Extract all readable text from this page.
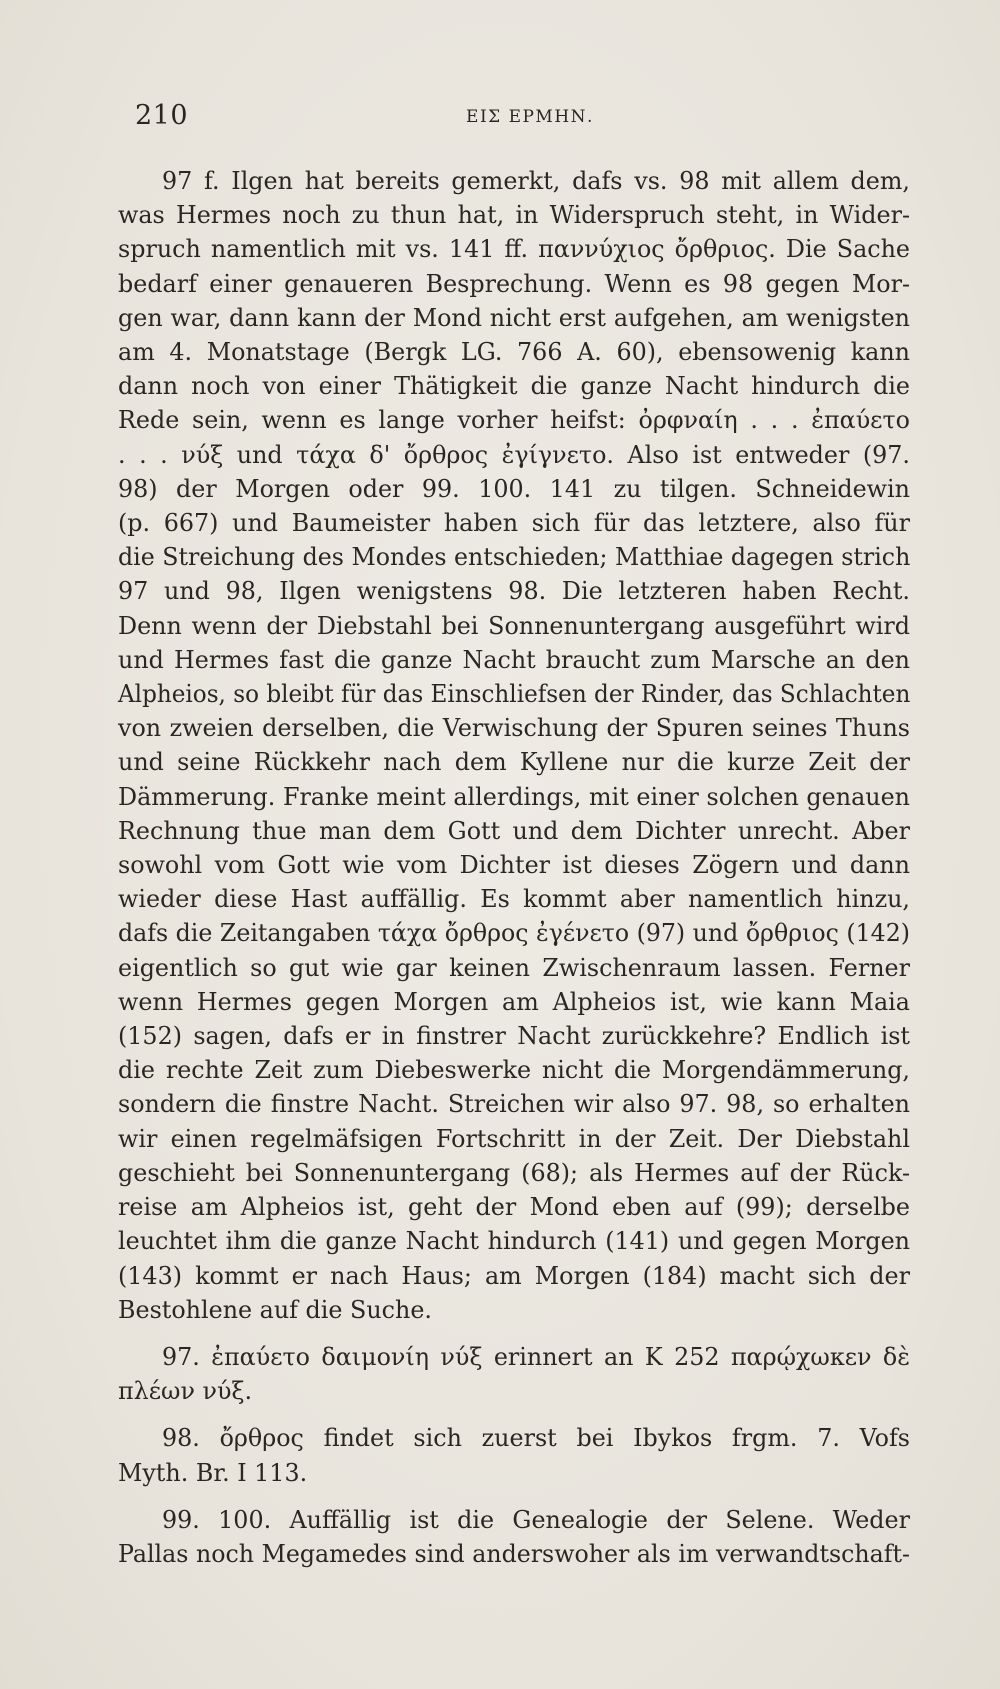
210	ΕΙΣ ΕΡΜΗΝ.
97 f. Ilgen hat bereits gemerkt, dafs vs. 98 mit allem dem,
was Hermes noch zu thun hat, in Widerspruch steht, in Wider-
spruch namentlich mit vs. 141 ff. παννύχιος ὄρθριος. Die Sache
bedarf einer genaueren Besprechung. Wenn es 98 gegen Mor-
gen war, dann kann der Mond nicht erst aufgehen, am wenigsten
am 4. Monatstage (Bergk LG. 766 A. 60), ebensowenig kann
dann noch von einer Thätigkeit die ganze Nacht hindurch die
Rede sein, wenn es lange vorher heifst: ὀρφναίη . . . ἐπαύετο
. . . νύξ und τάχα δ' ὄρθρος ἐγίγνετο. Also ist entweder (97.
98) der Morgen oder 99. 100. 141 zu tilgen. Schneidewin
(p. 667) und Baumeister haben sich für das letztere, also für
die Streichung des Mondes entschieden; Matthiae dagegen strich
97 und 98, Ilgen wenigstens 98. Die letzteren haben Recht.
Denn wenn der Diebstahl bei Sonnenuntergang ausgeführt wird
und Hermes fast die ganze Nacht braucht zum Marsche an den
Alpheios, so bleibt für das Einschliefsen der Rinder, das Schlachten
von zweien derselben, die Verwischung der Spuren seines Thuns
und seine Rückkehr nach dem Kyllene nur die kurze Zeit der
Dämmerung. Franke meint allerdings, mit einer solchen genauen
Rechnung thue man dem Gott und dem Dichter unrecht. Aber
sowohl vom Gott wie vom Dichter ist dieses Zögern und dann
wieder diese Hast auffällig. Es kommt aber namentlich hinzu,
dafs die Zeitangaben τάχα ὄρθρος ἐγένετο (97) und ὄρθριος (142)
eigentlich so gut wie gar keinen Zwischenraum lassen. Ferner
wenn Hermes gegen Morgen am Alpheios ist, wie kann Maia
(152) sagen, dafs er in finstrer Nacht zurückkehre? Endlich ist
die rechte Zeit zum Diebeswerke nicht die Morgendämmerung,
sondern die finstre Nacht. Streichen wir also 97. 98, so erhalten
wir einen regelmäfsigen Fortschritt in der Zeit. Der Diebstahl
geschieht bei Sonnenuntergang (68); als Hermes auf der Rück-
reise am Alpheios ist, geht der Mond eben auf (99); derselbe
leuchtet ihm die ganze Nacht hindurch (141) und gegen Morgen
(143) kommt er nach Haus; am Morgen (184) macht sich der
Bestohlene auf die Suche.
97. ἐπαύετο δαιμονίη νύξ erinnert an K 252 παρῴχωκεν δὲ
πλέων νύξ.
98. ὄρθρος findet sich zuerst bei Ibykos frgm. 7. Vofs
Myth. Br. I 113.
99. 100. Auffällig ist die Genealogie der Selene. Weder
Pallas noch Megamedes sind anderswoher als im verwandtschaft-
